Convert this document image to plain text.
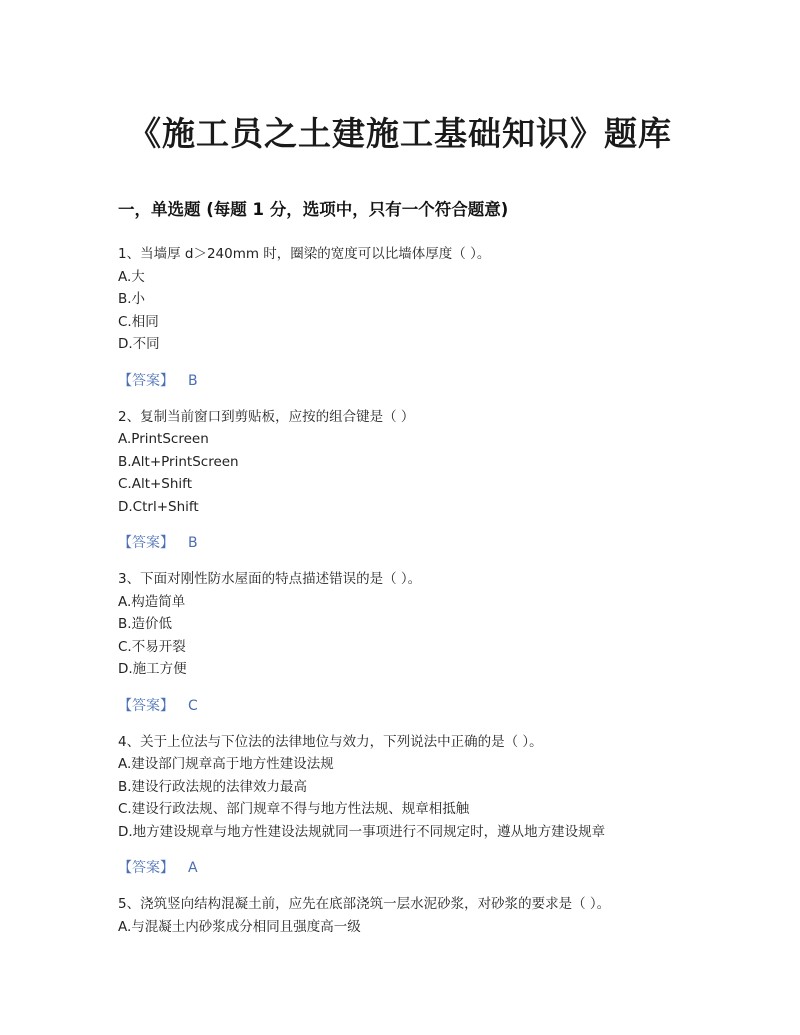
《施工员之土建施工基础知识》题库
一，单选题 (每题 1 分，选项中，只有一个符合题意)
1、当墙厚 d＞240mm 时，圈梁的宽度可以比墙体厚度（ ）。
A.大
B.小
C.相同
D.不同
【答案】 B
2、复制当前窗口到剪贴板，应按的组合键是（ ）
A.PrintScreen
B.Alt+PrintScreen
C.Alt+Shift
D.Ctrl+Shift
【答案】 B
3、下面对刚性防水屋面的特点描述错误的是（ ）。
A.构造简单
B.造价低
C.不易开裂
D.施工方便
【答案】 C
4、关于上位法与下位法的法律地位与效力，下列说法中正确的是（ ）。
A.建设部门规章高于地方性建设法规
B.建设行政法规的法律效力最高
C.建设行政法规、部门规章不得与地方性法规、规章相抵触
D.地方建设规章与地方性建设法规就同一事项进行不同规定时，遵从地方建设规章
【答案】 A
5、浇筑竖向结构混凝土前，应先在底部浇筑一层水泥砂浆，对砂浆的要求是（ ）。
A.与混凝土内砂浆成分相同且强度高一级
